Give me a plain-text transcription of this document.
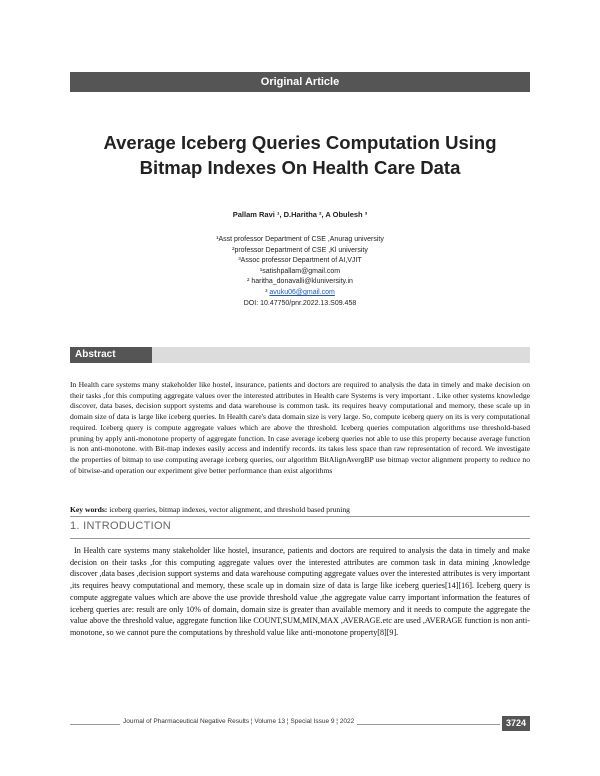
Original Article
Average Iceberg Queries Computation Using
Bitmap Indexes On Health Care Data
Pallam Ravi ¹, D.Haritha ², A Obulesh ³
¹Asst professor Department of CSE ,Anurag university
²professor Department of CSE ,Kl university
³Assoc professor Department of AI,VJIT
¹satishpallam@gmail.com
² haritha_donavalli@kluniversity.in
³ avuku06@gmail.com
DOI: 10.47750/pnr.2022.13.S09.458
Abstract
In Health care systems many stakeholder like hostel, insurance, patients and doctors are required to analysis the data in timely and make decision on their tasks ,for this computing aggregate values over the interested attributes in Health care Systems is very important . Like other systems knowledge discover, data bases, decision support systems and data warehouse is common task. its requires heavy computational and memory, these scale up in domain size of data is large like iceberg queries. In Health care's data domain size is very large. So, compute iceberg query on its is very computational required. Iceberg query is compute aggregate values which are above the threshold. Iceberg queries computation algorithms use threshold-based pruning by apply anti-monotone property of aggregate function. In case average iceberg queries not able to use this property because average function is non anti-monotone. with Bit-map indexes easily access and indentify records. its takes less space than raw representation of record. We investigate the properties of bitmap to use computing average iceberg queries, our algorithm BitAlignAvergBP use bitmap vector alignment property to reduce no of bitwise-and operation our experiment give better performance than exist algorithms
Key words: iceberg queries, bitmap indexes, vector alignment, and threshold based pruning
1. INTRODUCTION
In Health care systems many stakeholder like hostel, insurance, patients and doctors are required to analysis the data in timely and make decision on their tasks ,for this computing aggregate values over the interested attributes are common task in data mining ,knowledge discover ,data bases ,decision support systems and data warehouse computing aggregate values over the interested attributes is very important ,its requires heavy computational and memory, these scale up in domain size of data is large like iceberg queries[14][16]. Iceberg query is compute aggregate values which are above the use provide threshold value ,the aggregate value carry important information the features of iceberg queries are: result are only 10% of domain, domain size is greater than available memory and it needs to compute the aggregate the value above the threshold value, aggregate function like COUNT,SUM,MIN,MAX ,AVERAGE.etc are used ,AVERAGE function is non anti-monotone, so we cannot pure the computations by threshold value like anti-monotone property[8][9].
Journal of Pharmaceutical Negative Results ¦ Volume 13 ¦ Special Issue 9 ¦ 2022	3724
